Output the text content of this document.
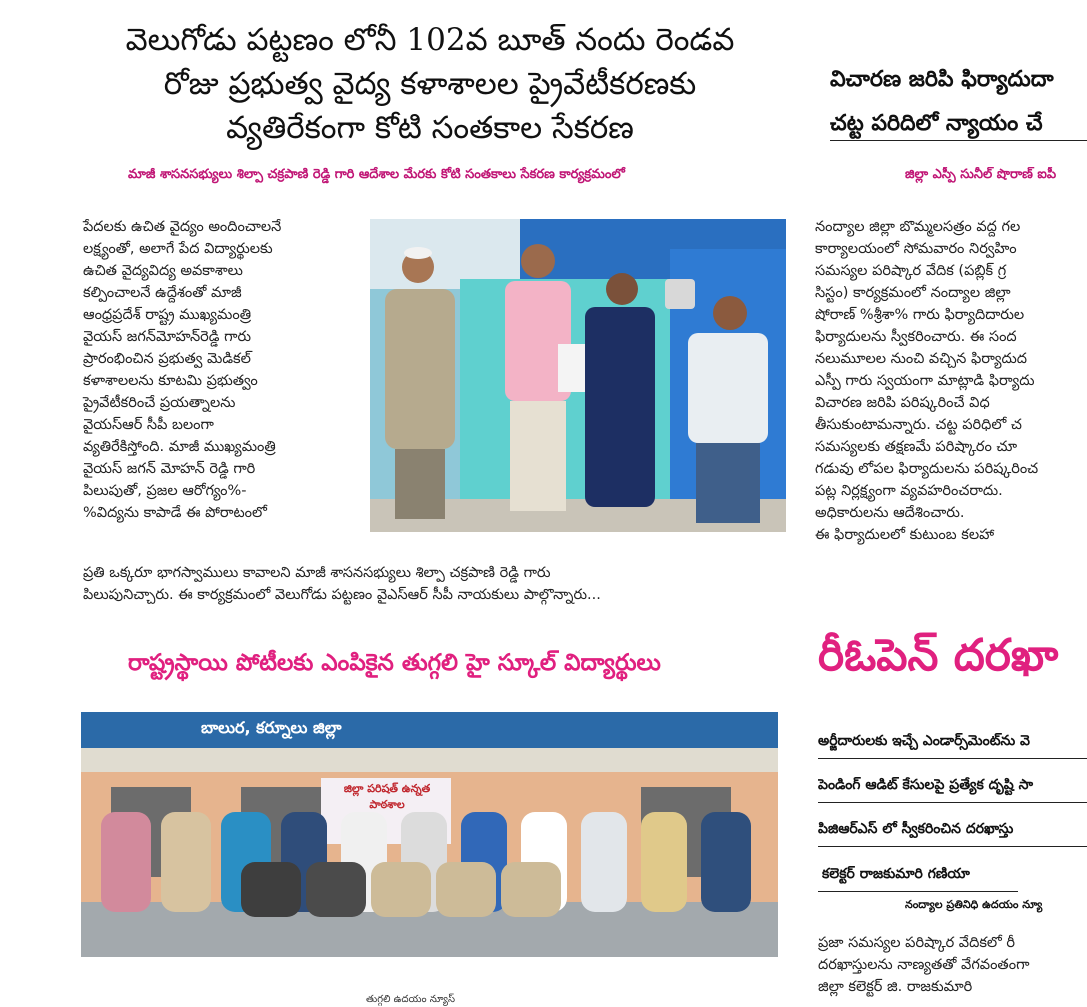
వెలుగోడు పట్టణం లోనీ 102వ బూత్ నందు రెండవ
రోజు ప్రభుత్వ వైద్య కళాశాలల ప్రైవేటీకరణకు
వ్యతిరేకంగా కోటి సంతకాల సేకరణ
మాజీ శాసనసభ్యులు శిల్పా చక్రపాణి రెడ్డి గారి ఆదేశాల మేరకు కోటి సంతకాలు సేకరణ కార్యక్రమంలో
పేదలకు ఉచిత వైద్యం అందించాలనే
లక్ష్యంతో, అలాగే పేద విద్యార్థులకు
ఉచిత వైద్యవిద్య అవకాశాలు
కల్పించాలనే ఉద్దేశంతో మాజీ
ఆంధ్రప్రదేశ్ రాష్ట్ర ముఖ్యమంత్రి
వైయస్ జగన్‌మోహన్‌రెడ్డి గారు
ప్రారంభించిన ప్రభుత్వ మెడికల్
కళాశాలలను కూటమి ప్రభుత్వం
ప్రైవేటీకరించే ప్రయత్నాలను
వైయస్ఆర్ సీపీ బలంగా
వ్యతిరేకిస్తోంది. మాజీ ముఖ్యమంత్రి
వైయస్ జగన్ మోహన్ రెడ్డి గారి
పిలుపుతో, ప్రజల ఆరోగ్యం%-
%విద్యను కాపాడే ఈ పోరాటంలో
ప్రతి ఒక్కరూ భాగస్వాములు కావాలని మాజీ శాసనసభ్యులు శిల్పా చక్రపాణి రెడ్డి గారు
పిలుపునిచ్చారు. ఈ కార్యక్రమంలో వెలుగోడు పట్టణం వైఎస్ఆర్ సీపీ నాయకులు పాల్గొన్నారు...
రాష్ట్రస్థాయి పోటీలకు ఎంపికైన తుగ్గలి హై స్కూల్ విద్యార్థులు
బాలుర, కర్నూలు జిల్లా
జిల్లా పరిషత్ ఉన్నత పాఠశాల
తుగ్గలి ఉదయం న్యూస్
విచారణ జరిపి ఫిర్యాదుదా
చట్ట పరిదిలో న్యాయం చే
జిల్లా ఎస్పీ సునీల్ షొరాణ్ ఐపీ
నంద్యాల జిల్లా బొమ్మలసత్రం వద్ద గల
కార్యాలయంలో సోమవారం నిర్వహిం
సమస్యల పరిష్కార వేదిక (పబ్లిక్ గ్ర
సిస్టం) కార్యక్రమంలో నంద్యాల జిల్లా
షోరాణ్ %శ్రీశా% గారు ఫిర్యాదిదారుల
ఫిర్యాదులను స్వీకరించారు. ఈ సంద
నలుమూలల నుంచి వచ్చిన ఫిర్యాదుద
ఎస్పీ గారు స్వయంగా మాట్లాడి ఫిర్యాదు
విచారణ జరిపి పరిష్కరించే విధ
తీసుకుంటామన్నారు. చట్ట పరిధిలో చ
సమస్యలకు తక్షణమే పరిష్కారం చూ
గడువు లోపల ఫిర్యాదులను పరిష్కరించ
పట్ల నిర్లక్ష్యంగా వ్యవహరించరాదు.
అధికారులను ఆదేశించారు.
ఈ ఫిర్యాదులలో కుటుంబ కలహా
రీఓపెన్ దరఖా
అర్జీదారులకు ఇచ్చే ఎండార్స్‌మెంట్‌ను వె
పెండింగ్ ఆడిట్ కేసులపై ప్రత్యేక దృష్టి సా
పిజిఆర్ఎస్ లో స్వీకరించిన దరఖాస్తు
కలెక్టర్ రాజకుమారి గణియా
నంద్యాల ప్రతినిధి ఉదయం న్యూ
ప్రజా సమస్యల పరిష్కార వేదికలో రీ
దరఖాస్తులను నాణ్యతతో వేగవంతంగా
జిల్లా కలెక్టర్ జి. రాజకుమారి
